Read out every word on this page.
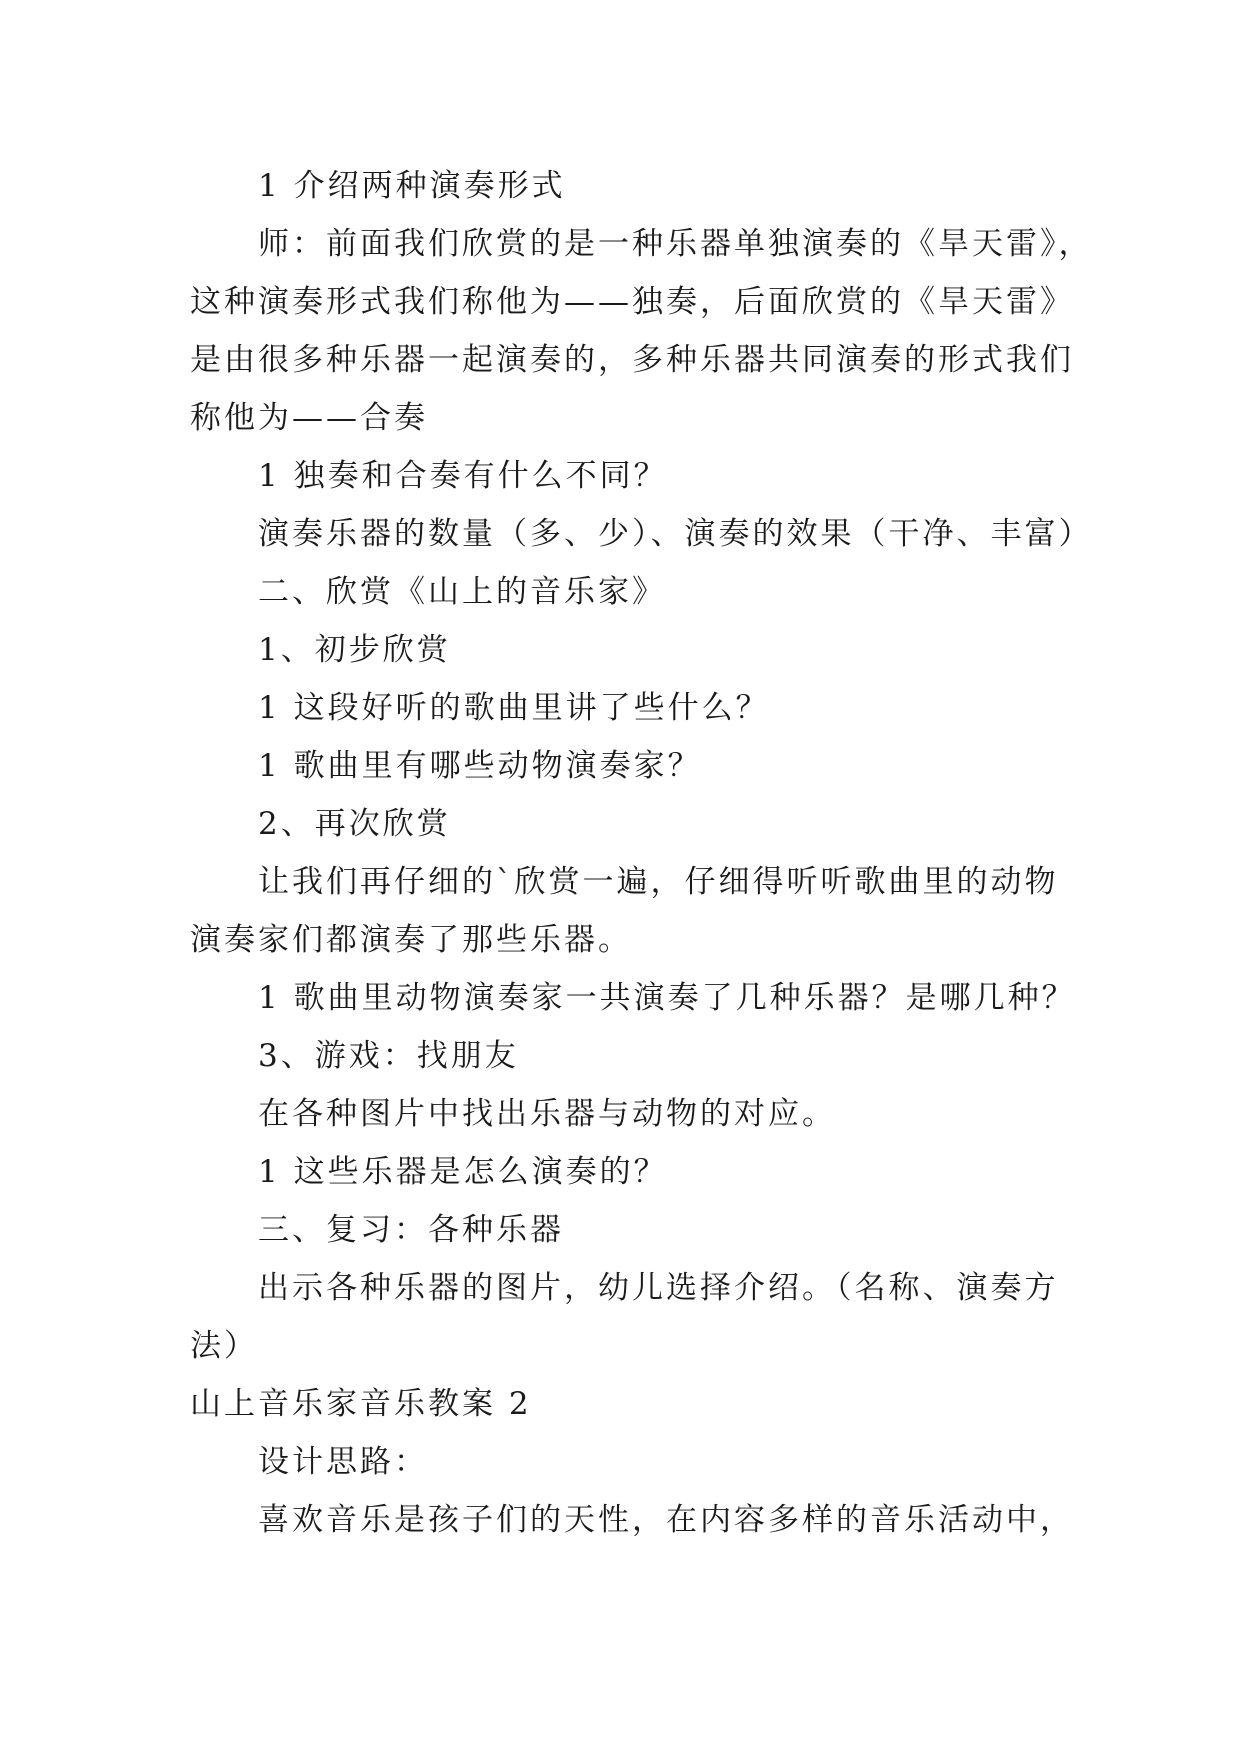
1 介绍两种演奏形式
师：前面我们欣赏的是一种乐器单独演奏的《旱天雷》，
这种演奏形式我们称他为——独奏，后面欣赏的《旱天雷》
是由很多种乐器一起演奏的，多种乐器共同演奏的形式我们
称他为——合奏
1 独奏和合奏有什么不同？
演奏乐器的数量（多、少）、演奏的效果（干净、丰富）
二、欣赏《山上的音乐家》
1、初步欣赏
1 这段好听的歌曲里讲了些什么？
1 歌曲里有哪些动物演奏家？
2、再次欣赏
让我们再仔细的`欣赏一遍，仔细得听听歌曲里的动物
演奏家们都演奏了那些乐器。
1 歌曲里动物演奏家一共演奏了几种乐器？是哪几种？
3、游戏：找朋友
在各种图片中找出乐器与动物的对应。
1 这些乐器是怎么演奏的？
三、复习：各种乐器
出示各种乐器的图片，幼儿选择介绍。（名称、演奏方
法）
山上音乐家音乐教案 2
设计思路：
喜欢音乐是孩子们的天性，在内容多样的音乐活动中，
